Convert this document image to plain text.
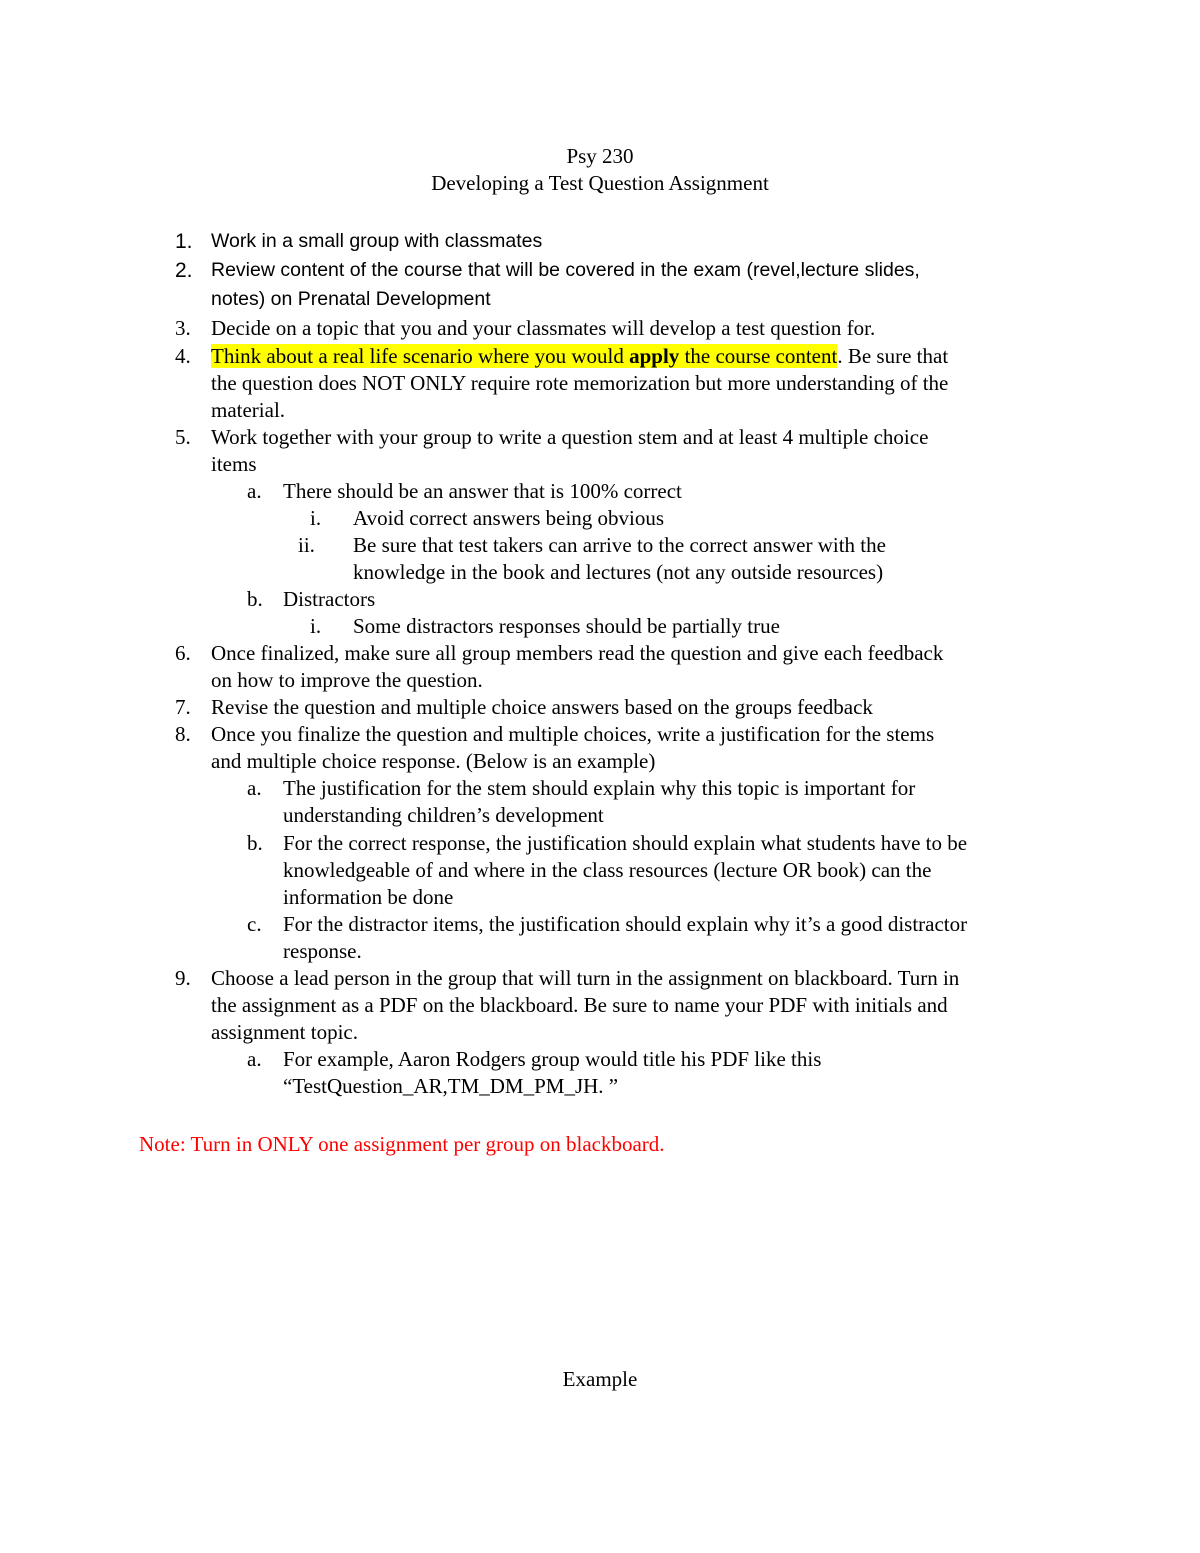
Psy 230
Developing a Test Question Assignment
1. Work in a small group with classmates
2. Review content of the course that will be covered in the exam (revel,lecture slides,
notes) on Prenatal Development
3. Decide on a topic that you and your classmates will develop a test question for.
4. Think about a real life scenario where you would apply the course content. Be sure that
the question does NOT ONLY require rote memorization but more understanding of the
material.
5. Work together with your group to write a question stem and at least 4 multiple choice
items
a. There should be an answer that is 100% correct
i. Avoid correct answers being obvious
ii. Be sure that test takers can arrive to the correct answer with the
knowledge in the book and lectures (not any outside resources)
b. Distractors
i. Some distractors responses should be partially true
6. Once finalized, make sure all group members read the question and give each feedback
on how to improve the question.
7. Revise the question and multiple choice answers based on the groups feedback
8. Once you finalize the question and multiple choices, write a justification for the stems
and multiple choice response. (Below is an example)
a. The justification for the stem should explain why this topic is important for
understanding children’s development
b. For the correct response, the justification should explain what students have to be
knowledgeable of and where in the class resources (lecture OR book) can the
information be done
c. For the distractor items, the justification should explain why it’s a good distractor
response.
9. Choose a lead person in the group that will turn in the assignment on blackboard. Turn in
the assignment as a PDF on the blackboard. Be sure to name your PDF with initials and
assignment topic.
a. For example, Aaron Rodgers group would title his PDF like this
“TestQuestion_AR,TM_DM_PM_JH. ”
Note: Turn in ONLY one assignment per group on blackboard.
Example
